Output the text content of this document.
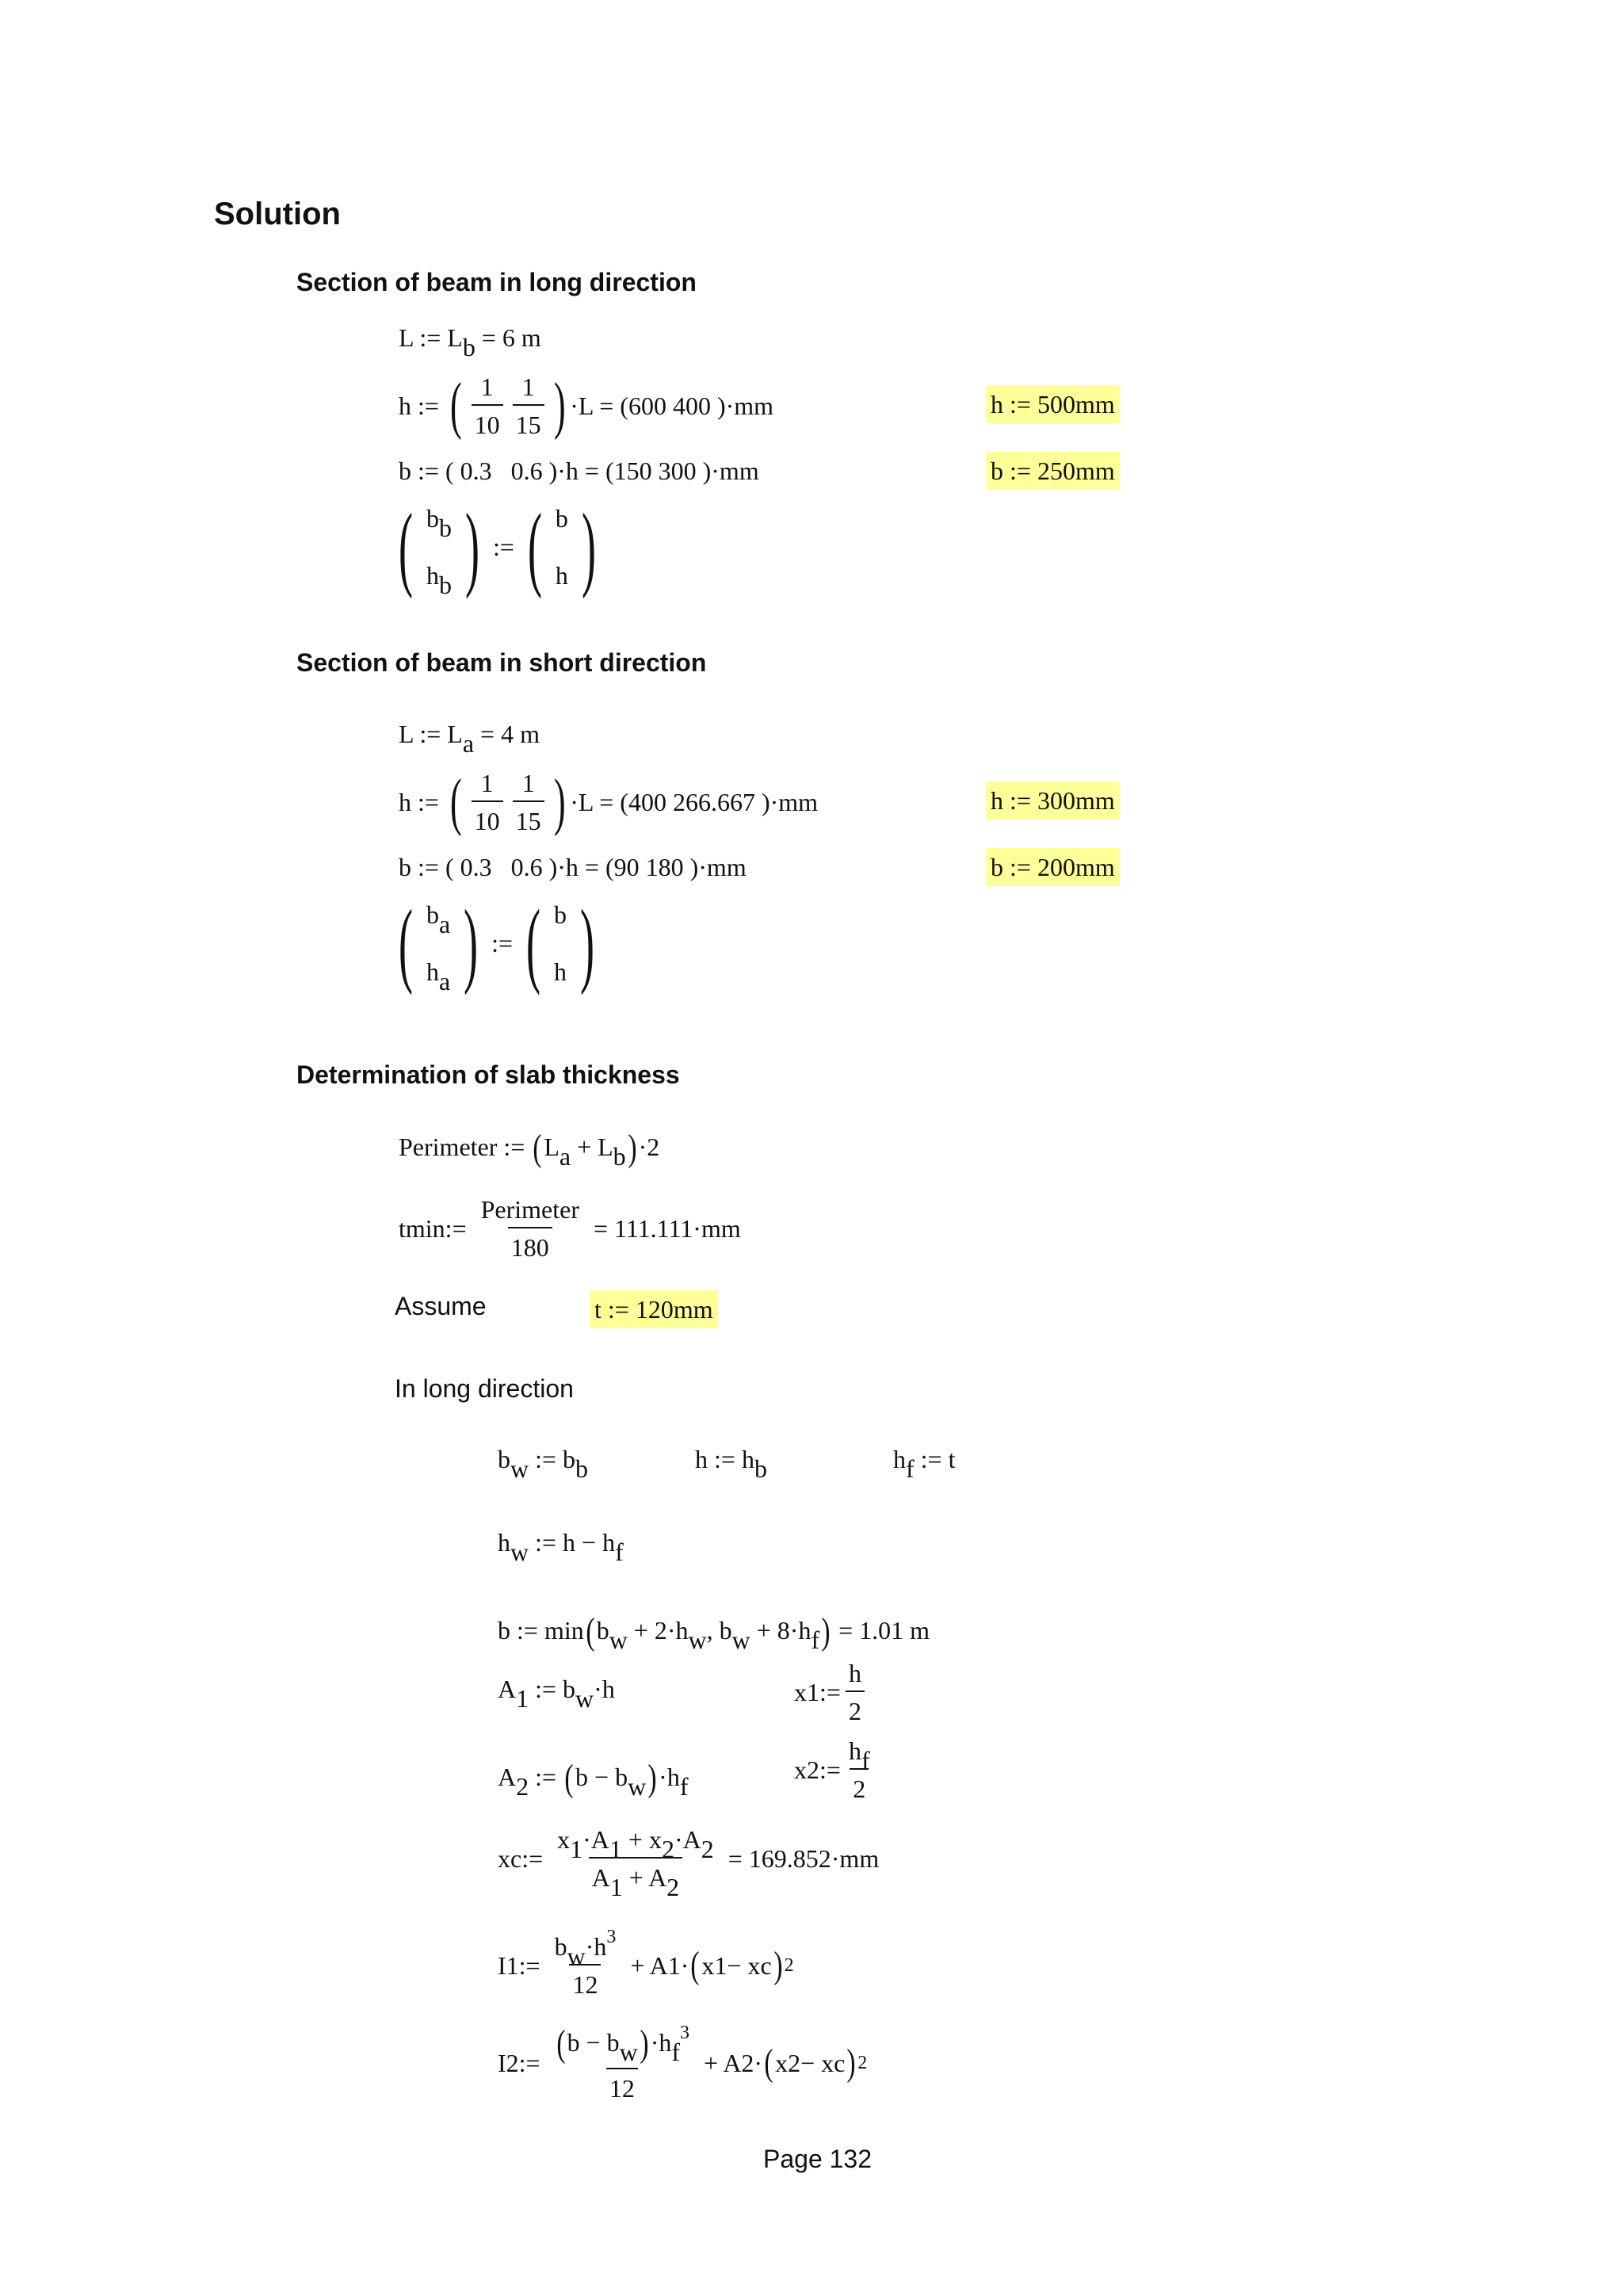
Solution
Section of beam in long direction
L := $L_b = 6$ m
h := ( $\frac{1}{10} \frac{1}{15}$ ) ·L = (600 400 )·mm	h := 500mm
b := ( 0.3   0.6 )·h = (150 300 )·mm	b := 250mm
( $b_b$
$h_b$ ) := ( b
h )
Section of beam in short direction
L := $L_a = 4$ m
h := ( $\frac{1}{10} \frac{1}{15}$ ) ·L = (400 266.667 )·mm	h := 300mm
b := ( 0.3   0.6 )·h = (90 180 )·mm	b := 200mm
( $b_a$
$h_a$ ) := ( b
h )
Determination of slab thickness
Perimeter := $(L_a + L_b)\cdot 2$
t min := $\frac{\text{Perimeter}}{180} = 111.111\cdot mm$
Assume	t := 120mm
In long direction
$b_w$ := $b_b$	h := $h_b$	$h_f$ := t
$h_w$ := $h - h_f$
b := $\min(b_w + 2\cdot h_w$, $b_w + 8\cdot h_f) = 1.01$ m
$A_1$ := $b_w\cdot h$	x 1 := $\frac{h}{2}$
$A_2$ := $(b - b_w)\cdot h_f$
x 2 := $\frac{h_f}{2}$
x c := $\frac{x_1\cdot A_1 + x_2\cdot A_2}{A_1 + A_2} = 169.852\cdot mm$
I 1 := $\frac{b_w\cdot h^3}{12} + A$ 1 · ( x 1 − x c ) 2
I 2 := $\frac{(b - b_w)\cdot h_f^3}{12} + A$ 2 · ( x 2 − x c ) 2
Page 132
